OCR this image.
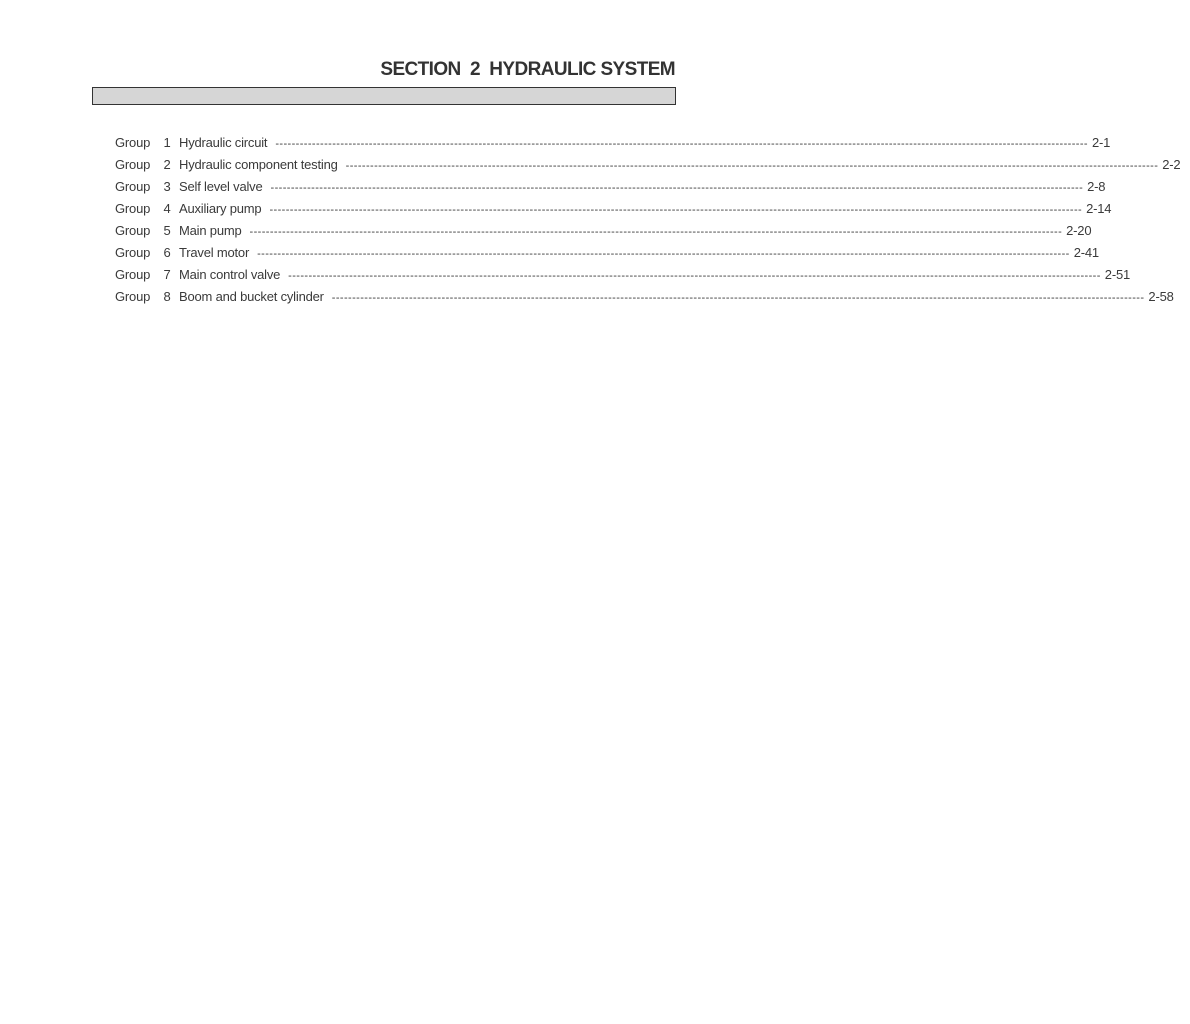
SECTION  2  HYDRAULIC SYSTEM
Group	1 Hydraulic circuit -------------------------------------------------------------------------------------------------------------------------------------------------------------------------------------------------------- 2-1
Group	2 Hydraulic component testing -------------------------------------------------------------------------------------------------------------------------------------------------------------------------------------------------------- 2-2
Group	3 Self level valve -------------------------------------------------------------------------------------------------------------------------------------------------------------------------------------------------------- 2-8
Group	4 Auxiliary pump -------------------------------------------------------------------------------------------------------------------------------------------------------------------------------------------------------- 2-14
Group	5 Main pump -------------------------------------------------------------------------------------------------------------------------------------------------------------------------------------------------------- 2-20
Group	6 Travel motor -------------------------------------------------------------------------------------------------------------------------------------------------------------------------------------------------------- 2-41
Group	7 Main control valve -------------------------------------------------------------------------------------------------------------------------------------------------------------------------------------------------------- 2-51
Group	8 Boom and bucket cylinder -------------------------------------------------------------------------------------------------------------------------------------------------------------------------------------------------------- 2-58
